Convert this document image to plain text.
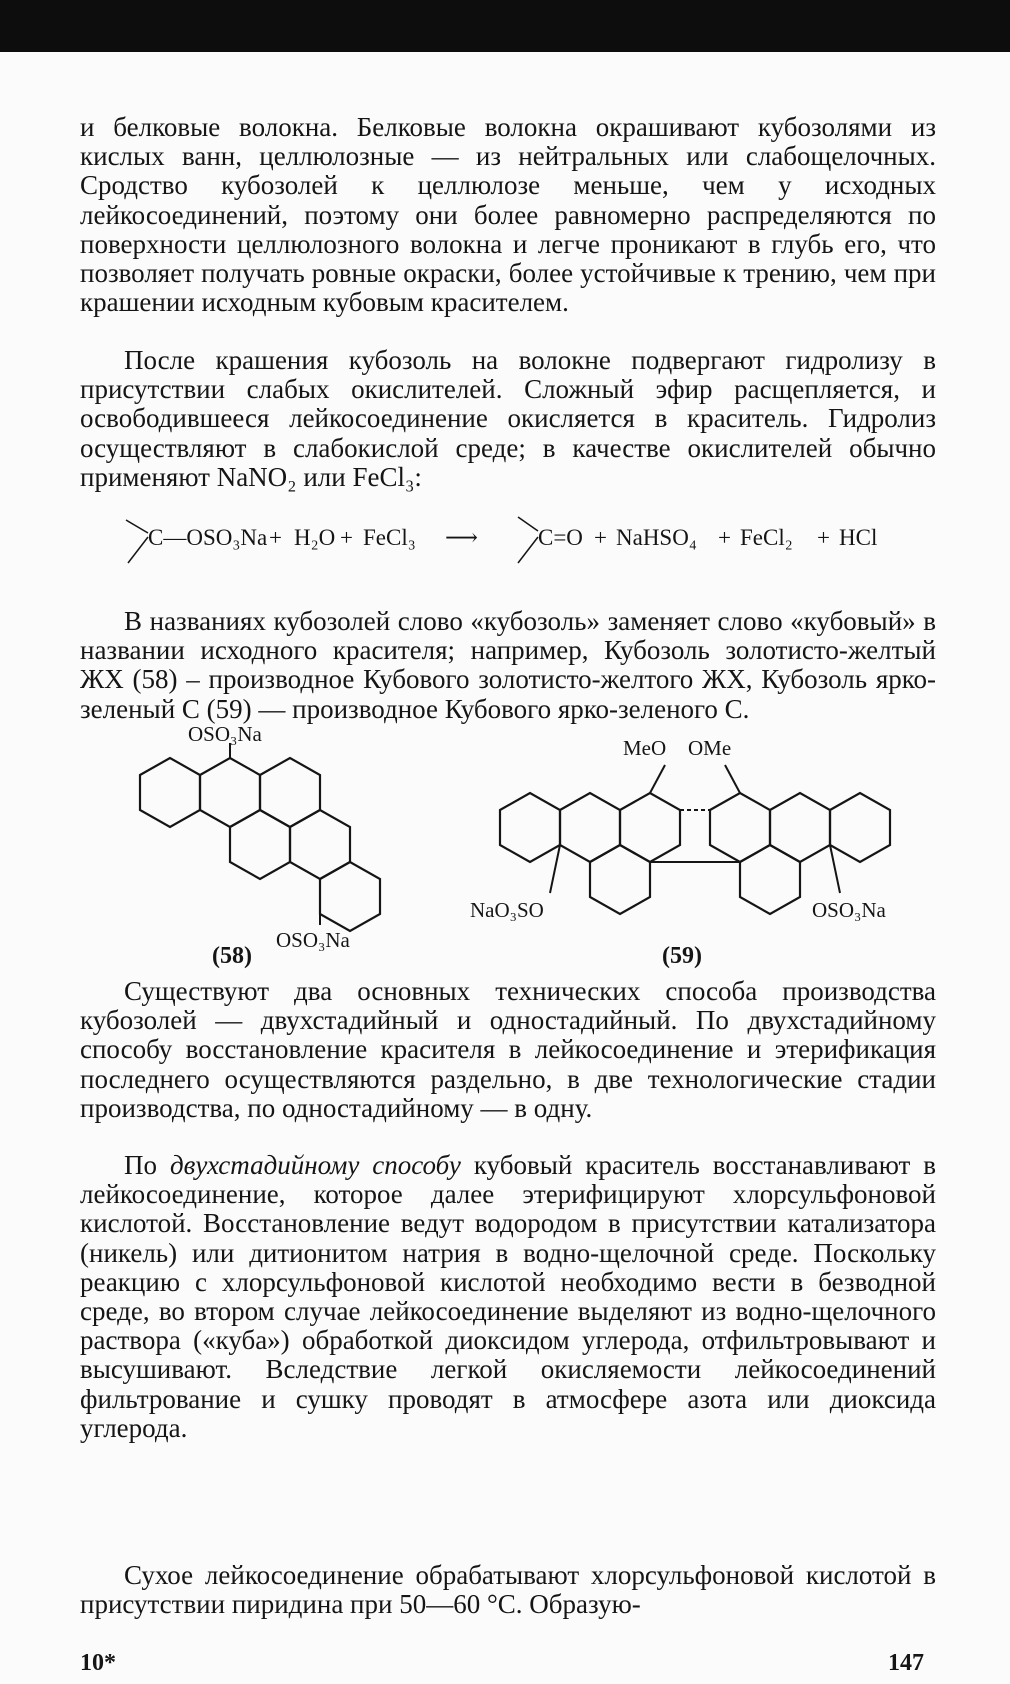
и белковые волокна. Белковые волокна окрашивают кубозолями из кислых ванн, целлюлозные — из нейтральных или слабощелочных. Сродство кубозолей к целлюлозе меньше, чем у исходных лейкосоединений, поэтому они более равномерно распределяются по поверхности целлюлозного волокна и легче проникают в глубь его, что позволяет получать ровные окраски, более устойчивые к трению, чем при крашении исходным кубовым красителем.

После крашения кубозоль на волокне подвергают гидролизу в присутствии слабых окислителей. Сложный эфир расщепляется, и освободившееся лейкосоединение окисляется в краситель. Гидролиз осуществляют в слабокислой среде; в качестве окислителей обычно применяют NaNO₂ или FeCl₃:

C—OSO₃Na + H₂O + FeCl₃ ⟶	C=O + NaHSO₄ + FeCl₂ + HCl

В названиях кубозолей слово «кубозоль» заменяет слово «кубовый» в названии исходного красителя; например, Кубозоль золотисто-желтый ЖХ (58) – производное Кубового золотисто-желтого ЖХ, Кубозоль ярко-зеленый С (59) — производное Кубового ярко-зеленого С.

OSO₃Na
OSO₃Na
(58)
MeO OMe
NaO₃SO	OSO₃Na
(59)

Существуют два основных технических способа производства кубозолей — двухстадийный и одностадийный. По двухстадийному способу восстановление красителя в лейкосоединение и этерификация последнего осуществляются раздельно, в две технологические стадии производства, по одностадийному — в одну.

По двухстадийному способу кубовый краситель восстанавливают в лейкосоединение, которое далее этерифицируют хлорсульфоновой кислотой. Восстановление ведут водородом в присутствии катализатора (никель) или дитионитом натрия в водно-щелочной среде. Поскольку реакцию с хлорсульфоновой кислотой необходимо вести в безводной среде, во втором случае лейкосоединение выделяют из водно-щелочного раствора («куба») обработкой диоксидом углерода, отфильтровывают и высушивают. Вследствие легкой окисляемости лейкосоединений фильтрование и сушку проводят в атмосфере азота или диоксида углерода.

Сухое лейкосоединение обрабатывают хлорсульфоновой кислотой в присутствии пиридина при 50—60 °С. Образую-

10*	147
